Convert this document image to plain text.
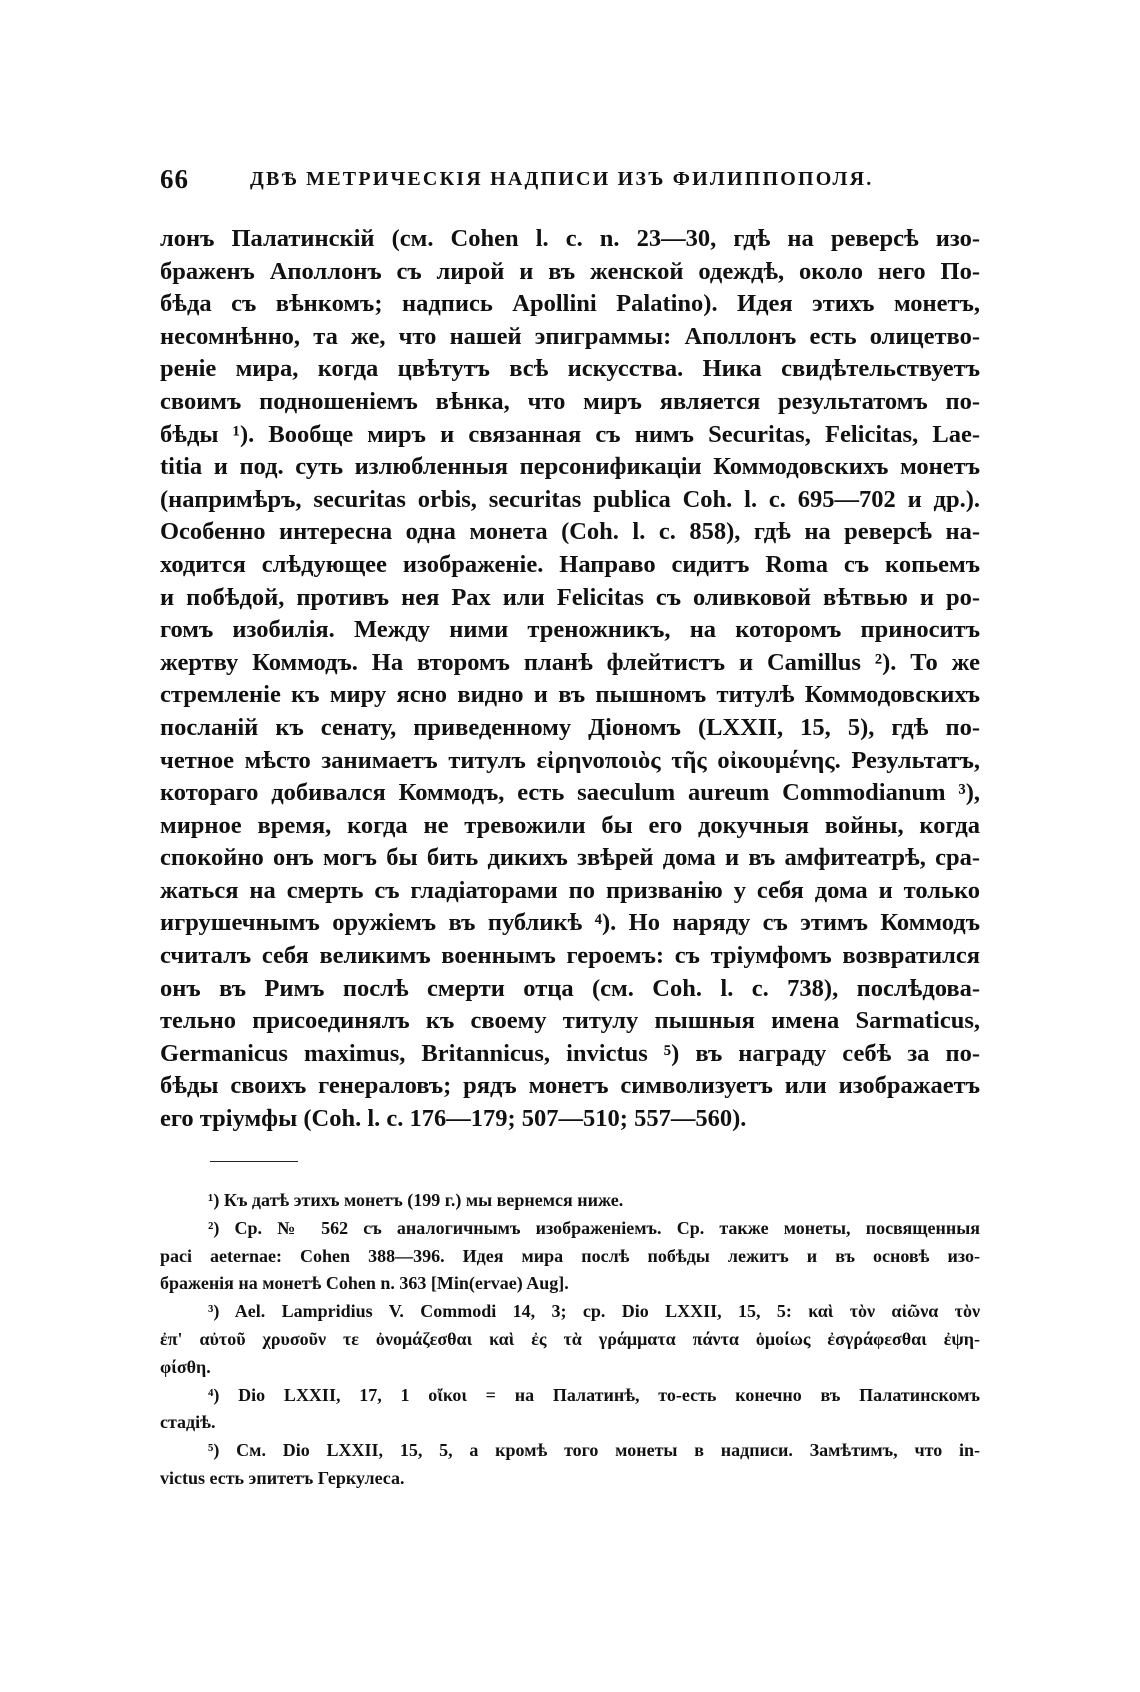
66	ДВѢ МЕТРИЧЕСКІЯ НАДПИСИ ИЗЪ ФИЛИППОПОЛЯ.
лонъ Палатинскій (см. Cohen l. c. n. 23—30, гдѣ на реверсѣ изо-
браженъ Аполлонъ съ лирой и въ женской одеждѣ, около него По-
бѣда съ вѣнкомъ; надпись Apollini Palatino). Идея этихъ монетъ,
несомнѣнно, та же, что нашей эпиграммы: Аполлонъ есть олицетво-
реніе мира, когда цвѣтутъ всѣ искусства. Ника свидѣтельствуетъ
своимъ подношеніемъ вѣнка, что миръ является результатомъ по-
бѣды ¹). Вообще миръ и связанная съ нимъ Securitas, Felicitas, Lae-
titia и под. суть излюбленныя персонификаціи Коммодовскихъ монетъ
(напримѣръ, securitas orbis, securitas publica Coh. l. c. 695—702 и др.).
Особенно интересна одна монета (Coh. l. c. 858), гдѣ на реверсѣ на-
ходится слѣдующее изображеніе. Направо сидитъ Roma съ копьемъ
и побѣдой, противъ нея Pax или Felicitas съ оливковой вѣтвью и ро-
гомъ изобилія. Между ними треножникъ, на которомъ приноситъ
жертву Коммодъ. На второмъ планѣ флейтистъ и Camillus ²). То же
стремленіе къ миру ясно видно и въ пышномъ титулѣ Коммодовскихъ
посланій къ сенату, приведенному Діономъ (LXXII, 15, 5), гдѣ по-
четное мѣсто занимаетъ титулъ εἰρηνοποιὸς τῆς οἰκουμένης. Результатъ,
котораго добивался Коммодъ, есть saeculum aureum Commodianum ³),
мирное время, когда не тревожили бы его докучныя войны, когда
спокойно онъ могъ бы бить дикихъ звѣрей дома и въ амфитеатрѣ, сра-
жаться на смерть съ гладіаторами по призванію у себя дома и только
игрушечнымъ оружіемъ въ публикѣ ⁴). Но наряду съ этимъ Коммодъ
считалъ себя великимъ военнымъ героемъ: съ тріумфомъ возвратился
онъ въ Римъ послѣ смерти отца (см. Coh. l. c. 738), послѣдова-
тельно присоединялъ къ своему титулу пышныя имена Sarmaticus,
Germanicus maximus, Britannicus, invictus ⁵) въ награду себѣ за по-
бѣды своихъ генераловъ; рядъ монетъ символизуетъ или изображаетъ
его тріумфы (Coh. l. c. 176—179; 507—510; 557—560).
¹) Къ датѣ этихъ монетъ (199 г.) мы вернемся ниже.
²) Ср. № 562 съ аналогичнымъ изображеніемъ. Ср. также монеты, посвященныя
paci aeternae: Cohen 388—396. Идея мира послѣ побѣды лежитъ и въ основѣ изо-
браженія на монетѣ Cohen n. 363 [Min(ervae) Aug].
³) Ael. Lampridius V. Commodi 14, 3; cp. Dio LXXII, 15, 5: καὶ τὸν αἰῶνα τὸν
ἐπ' αὐτοῦ χρυσοῦν τε ὀνομάζεσθαι καὶ ἐς τὰ γράμματα πάντα ὁμοίως ἐσγράφεσθαι ἐψη-
φίσθη.
⁴) Dio LXXII, 17, 1 οἴκοι = на Палатинѣ, то-есть конечно въ Палатинскомъ
стадіѣ.
⁵) См. Dio LXXII, 15, 5, а кромѣ того монеты в надписи. Замѣтимъ, что in-
victus есть эпитетъ Геркулеса.
